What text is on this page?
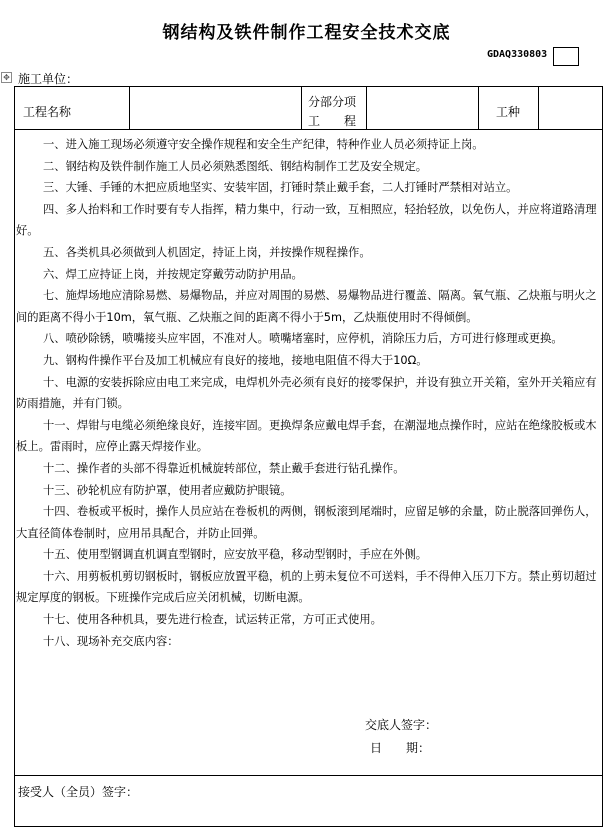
钢结构及铁件制作工程安全技术交底
GDAQ330803
✥ 施工单位：
工程名称
分部分项
工　　程
工种

一、进入施工现场必须遵守安全操作规程和安全生产纪律，特种作业人员必须持证上岗。

二、钢结构及铁件制作施工人员必须熟悉图纸、钢结构制作工艺及安全规定。

三、大锤、手锤的木把应质地坚实、安装牢固，打锤时禁止戴手套，二人打锤时严禁相对站立。

四、多人抬料和工作时要有专人指挥，精力集中，行动一致，互相照应，轻抬轻放，以免伤人，并应将道路清理好。

五、各类机具必须做到人机固定，持证上岗，并按操作规程操作。

六、焊工应持证上岗，并按规定穿戴劳动防护用品。

七、施焊场地应清除易燃、易爆物品，并应对周围的易燃、易爆物品进行覆盖、隔离。氧气瓶、乙炔瓶与明火之间的距离不得小于10m，氧气瓶、乙炔瓶之间的距离不得小于5m，乙炔瓶使用时不得倾倒。

八、喷砂除锈，喷嘴接头应牢固，不准对人。喷嘴堵塞时，应停机，消除压力后，方可进行修理或更换。

九、钢构件操作平台及加工机械应有良好的接地，接地电阻值不得大于10Ω。

十、电源的安装拆除应由电工来完成，电焊机外壳必须有良好的接零保护，并设有独立开关箱，室外开关箱应有防雨措施，并有门锁。

十一、焊钳与电缆必须绝缘良好，连接牢固。更换焊条应戴电焊手套，在潮湿地点操作时，应站在绝缘胶板或木板上。雷雨时，应停止露天焊接作业。

十二、操作者的头部不得靠近机械旋转部位，禁止戴手套进行钻孔操作。

十三、砂轮机应有防护罩，使用者应戴防护眼镜。

十四、卷板或平板时，操作人员应站在卷板机的两侧，钢板滚到尾端时，应留足够的余量，防止脱落回弹伤人，大直径简体卷制时，应用吊具配合，并防止回弹。

十五、使用型钢调直机调直型钢时，应安放平稳，移动型钢时，手应在外侧。

十六、用剪板机剪切钢板时，钢板应放置平稳，机的上剪未复位不可送料，手不得伸入压刀下方。禁止剪切超过规定厚度的钢板。下班操作完成后应关闭机械，切断电源。

十七、使用各种机具，要先进行检查，试运转正常，方可正式使用。

十八、现场补充交底内容：

交底人签字：
日　　期：
接受人（全员）签字：
